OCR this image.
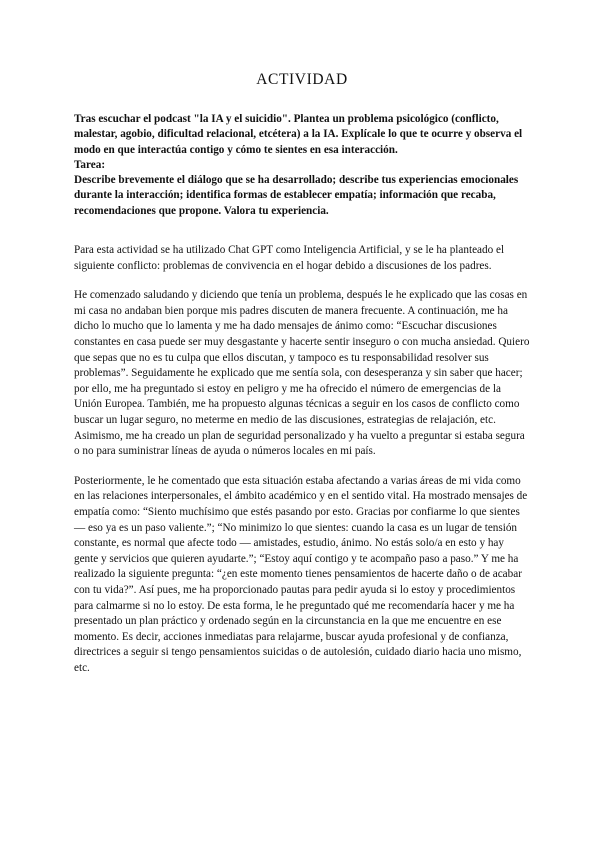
ACTIVIDAD
Tras escuchar el podcast "la IA y el suicidio". Plantea un problema psicológico (conflicto, malestar, agobio, dificultad relacional, etcétera) a la IA. Explícale lo que te ocurre y observa el modo en que interactúa contigo y cómo te sientes en esa interacción.
Tarea:
Describe brevemente el diálogo que se ha desarrollado; describe tus experiencias emocionales durante la interacción; identifica formas de establecer empatía; información que recaba, recomendaciones que propone. Valora tu experiencia.

Para esta actividad se ha utilizado Chat GPT como Inteligencia Artificial, y se le ha planteado el siguiente conflicto: problemas de convivencia en el hogar debido a discusiones de los padres.

He comenzado saludando y diciendo que tenía un problema, después le he explicado que las cosas en mi casa no andaban bien porque mis padres discuten de manera frecuente. A continuación, me ha dicho lo mucho que lo lamenta y me ha dado mensajes de ánimo como: “Escuchar discusiones constantes en casa puede ser muy desgastante y hacerte sentir inseguro o con mucha ansiedad. Quiero que sepas que no es tu culpa que ellos discutan, y tampoco es tu responsabilidad resolver sus problemas”. Seguidamente he explicado que me sentía sola, con desesperanza y sin saber que hacer; por ello, me ha preguntado si estoy en peligro y me ha ofrecido el número de emergencias de la Unión Europea. También, me ha propuesto algunas técnicas a seguir en los casos de conflicto como buscar un lugar seguro, no meterme en medio de las discusiones, estrategias de relajación, etc. Asimismo, me ha creado un plan de seguridad personalizado y ha vuelto a preguntar si estaba segura o no para suministrar líneas de ayuda o números locales en mi país.

Posteriormente, le he comentado que esta situación estaba afectando a varias áreas de mi vida como en las relaciones interpersonales, el ámbito académico y en el sentido vital. Ha mostrado mensajes de empatía como: “Siento muchísimo que estés pasando por esto. Gracias por confiarme lo que sientes — eso ya es un paso valiente.”; “No minimizo lo que sientes: cuando la casa es un lugar de tensión constante, es normal que afecte todo — amistades, estudio, ánimo. No estás solo/a en esto y hay gente y servicios que quieren ayudarte.”; “Estoy aquí contigo y te acompaño paso a paso.” Y me ha realizado la siguiente pregunta: “¿en este momento tienes pensamientos de hacerte daño o de acabar con tu vida?”. Así pues, me ha proporcionado pautas para pedir ayuda si lo estoy y procedimientos para calmarme si no lo estoy. De esta forma, le he preguntado qué me recomendaría hacer y me ha presentado un plan práctico y ordenado según en la circunstancia en la que me encuentre en ese momento. Es decir, acciones inmediatas para relajarme, buscar ayuda profesional y de confianza, directrices a seguir si tengo pensamientos suicidas o de autolesión, cuidado diario hacia uno mismo, etc.
